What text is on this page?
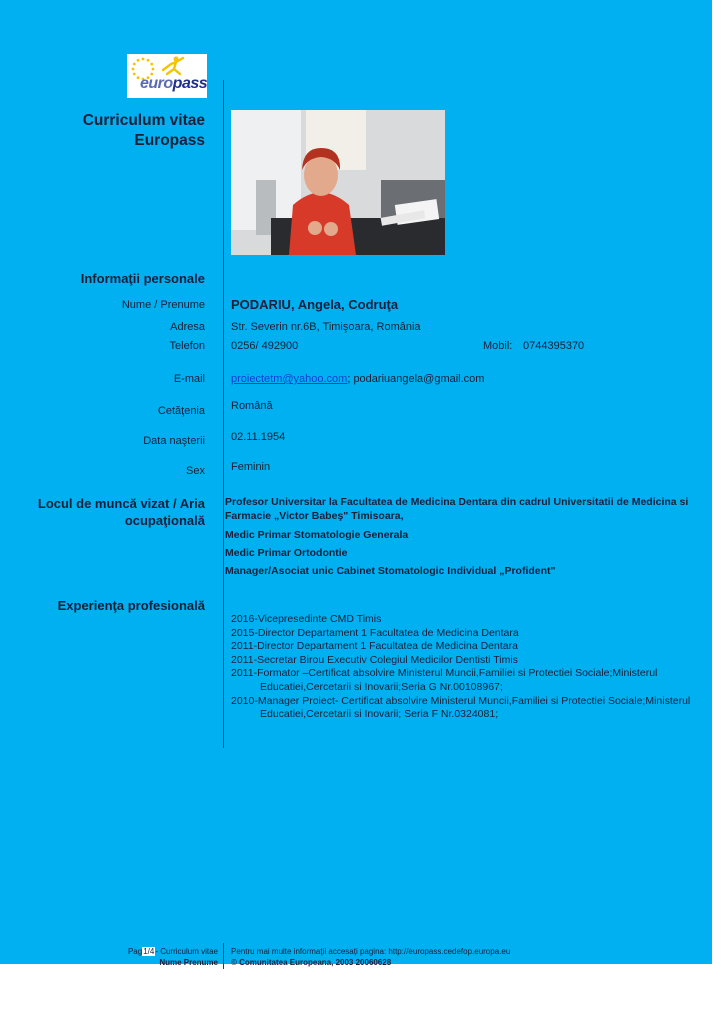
europass
Curriculum vitae
Europass
Informaţii personale
Nume / Prenume PODARIU, Angela, Codruţa
Adresa Str. Severin nr.6B, Timişoara, România
Telefon 0256/ 492900	Mobil: 0744395370
E-mail proiectetm@yahoo.com; podariuangela@gmail.com
Cetăţenia Română
Data naşterii 02.11.1954
Sex Feminin
Locul de muncă vizat / Aria
ocupaţională
Profesor Universitar la Facultatea de Medicina Dentara din cadrul Universitatii de Medicina si
Farmacie „Victor Babeş" Timisoara,
Medic Primar Stomatologie Generala
Medic Primar Ortodontie
Manager/Asociat unic Cabinet Stomatologic Individual „Profident"
Experienţa profesională
2016-Vicepresedinte CMD Timis
2015-Director Departament 1 Facultatea de Medicina Dentara
2011-Director Departament 1 Facultatea de Medicina Dentara
2011-Secretar Birou Executiv Colegiul Medicilor Dentisti Timis
2011-Formator –Certificat absolvire Ministerul Muncii,Familiei si Protectiei Sociale;Ministerul
Educatiei,Cercetarii si Inovarii;Seria G Nr.00108967;
2010-Manager Proiect- Certificat absolvire Ministerul Muncii,Familiei si Protectiei Sociale;Ministerul
Educatiei,Cercetarii si Inovarii; Seria F Nr.0324081;
Pag1/4- Curriculum vitae
Nume Prenume
Pentru mai multe informaţii accesaţi pagina: http://europass.cedefop.europa.eu
© Comunitatea Europeana, 2003 20060628
